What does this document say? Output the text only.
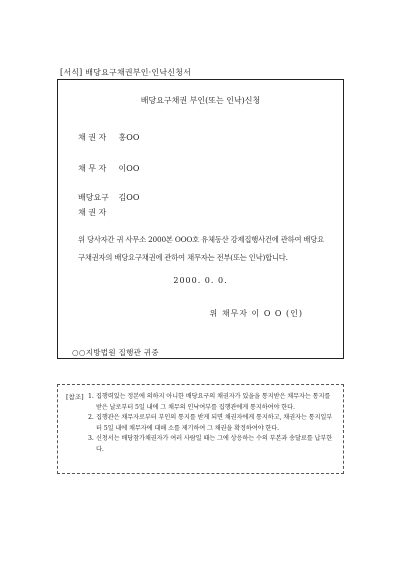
[서식] 배당요구채권부인·인낙신청서
배당요구채권 부인(또는 인낙)신청
채 권 자 홍OO
채 무 자 이OO
배당요구 김OO
채 권 자
위 당사자간 귀 사무소 2000본 OOO호 유체동산 강제집행사건에 관하여 배당요
구채권자의 배당요구채권에 관하여 채무자는 전부(또는 인낙)합니다.
2000. 0. 0.
위 채무자 이 O O (인)
○○지방법원 집행관 귀중
[참조] 1. 집행력있는 정본에 의하지 아니한 배당요구의 채권자가 있을을 통지받은 채무자는 통지를 받은 날로부터 5일 내에 그 채무의 인낙여부를 집행관에게 통지하여야 한다.
2. 집행관은 채무자로부터 부인의 통지를 받게 되면 채권자에게 통지하고, 채권자는 통지일부터 5일 내에 채무자에 대해 소를 제기하여 그 채권을 확정하여야 한다.
3. 신청서는 배당참가채권자가 여러 사람일 때는 그에 상응하는 수의 부본과 송달료를 납부한다.
